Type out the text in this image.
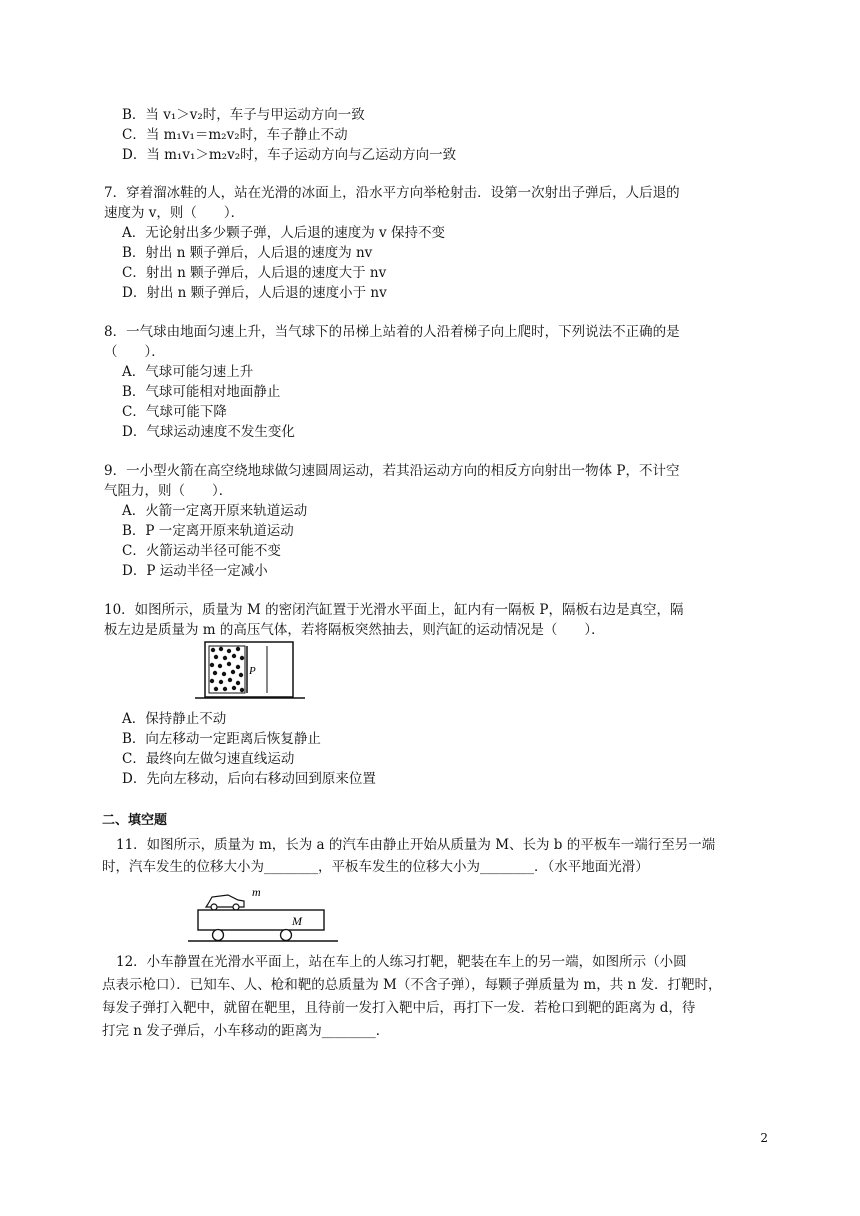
B．当 v₁＞v₂时，车子与甲运动方向一致
C．当 m₁v₁＝m₂v₂时，车子静止不动
D．当 m₁v₁＞m₂v₂时，车子运动方向与乙运动方向一致
7．穿着溜冰鞋的人，站在光滑的冰面上，沿水平方向举枪射击．设第一次射出子弹后，人后退的
速度为 v，则（　　）．
A．无论射出多少颗子弹，人后退的速度为 v 保持不变
B．射出 n 颗子弹后，人后退的速度为 nv
C．射出 n 颗子弹后，人后退的速度大于 nv
D．射出 n 颗子弹后，人后退的速度小于 nv
8．一气球由地面匀速上升，当气球下的吊梯上站着的人沿着梯子向上爬时，下列说法不正确的是
（　　）．
A．气球可能匀速上升
B．气球可能相对地面静止
C．气球可能下降
D．气球运动速度不发生变化
9．一小型火箭在高空绕地球做匀速圆周运动，若其沿运动方向的相反方向射出一物体 P，不计空
气阻力，则（　　）．
A．火箭一定离开原来轨道运动
B．P 一定离开原来轨道运动
C．火箭运动半径可能不变
D．P 运动半径一定减小
10．如图所示，质量为 M 的密闭汽缸置于光滑水平面上，缸内有一隔板 P，隔板右边是真空，隔
板左边是质量为 m 的高压气体，若将隔板突然抽去，则汽缸的运动情况是（　　）．
P
A．保持静止不动
B．向左移动一定距离后恢复静止
C．最终向左做匀速直线运动
D．先向左移动，后向右移动回到原来位置
二、填空题
11．如图所示，质量为 m，长为 a 的汽车由静止开始从质量为 M、长为 b 的平板车一端行至另一端
时，汽车发生的位移大小为________，平板车发生的位移大小为________．（水平地面光滑）
m
M
12．小车静置在光滑水平面上，站在车上的人练习打靶，靶装在车上的另一端，如图所示（小圆
点表示枪口）．已知车、人、枪和靶的总质量为 M（不含子弹），每颗子弹质量为 m，共 n 发．打靶时，
每发子弹打入靶中，就留在靶里，且待前一发打入靶中后，再打下一发．若枪口到靶的距离为 d，待
打完 n 发子弹后，小车移动的距离为________．
2
